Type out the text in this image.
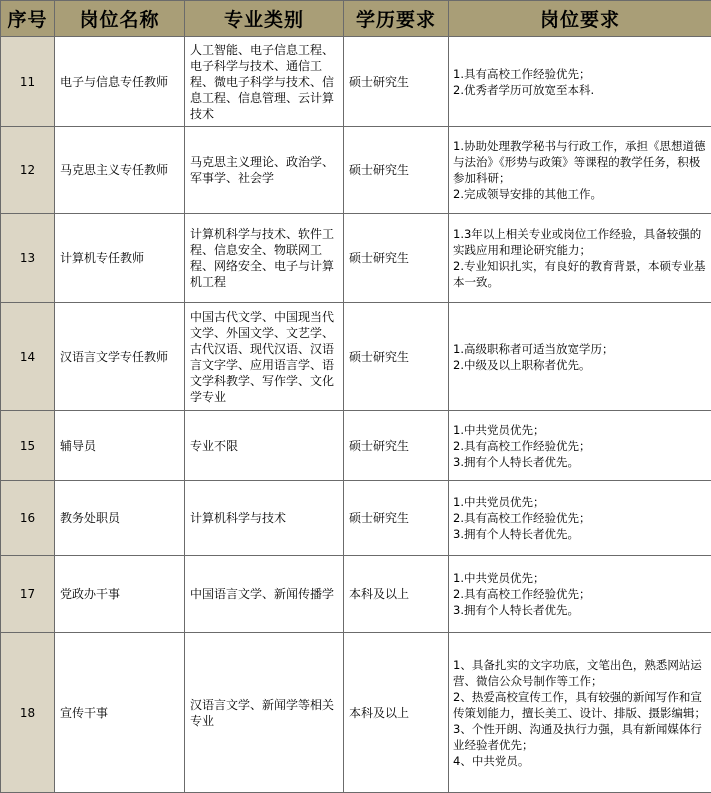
序号	岗位名称	专业类别	学历要求	岗位要求
11	电子与信息专任教师	人工智能、电子信息工程、电子科学与技术、通信工程、微电子科学与技术、信息工程、信息管理、云计算技术	硕士研究生	1.具有高校工作经验优先；
2.优秀者学历可放宽至本科.

12	马克思主义专任教师	马克思主义理论、政治学、军事学、社会学	硕士研究生	1.协助处理教学秘书与行政工作，承担《思想道德与法治》《形势与政策》等课程的教学任务，积极参加科研；
2.完成领导安排的其他工作。

13	计算机专任教师	计算机科学与技术、软件工程、信息安全、物联网工程、网络安全、电子与计算机工程	硕士研究生	1.3年以上相关专业或岗位工作经验，具备较强的实践应用和理论研究能力；
2.专业知识扎实，有良好的教育背景，本硕专业基本一致。

14	汉语言文学专任教师	中国古代文学、中国现当代文学、外国文学、文艺学、古代汉语、现代汉语、汉语言文字学、应用语言学、语文学科教学、写作学、文化学专业	硕士研究生	1.高级职称者可适当放宽学历；
2.中级及以上职称者优先。

15	辅导员	专业不限	硕士研究生	1.中共党员优先；
2.具有高校工作经验优先；
3.拥有个人特长者优先。

16	教务处职员	计算机科学与技术	硕士研究生	1.中共党员优先；
2.具有高校工作经验优先；
3.拥有个人特长者优先。

17	党政办干事	中国语言文学、新闻传播学	本科及以上	1.中共党员优先；
2.具有高校工作经验优先；
3.拥有个人特长者优先。

18	宣传干事	汉语言文学、新闻学等相关专业	本科及以上	1、具备扎实的文字功底，文笔出色，熟悉网站运营、微信公众号制作等工作；
2、热爱高校宣传工作，具有较强的新闻写作和宣传策划能力，擅长美工、设计、排版、摄影编辑；
3、个性开朗、沟通及执行力强，具有新闻媒体行业经验者优先；
4、中共党员。
